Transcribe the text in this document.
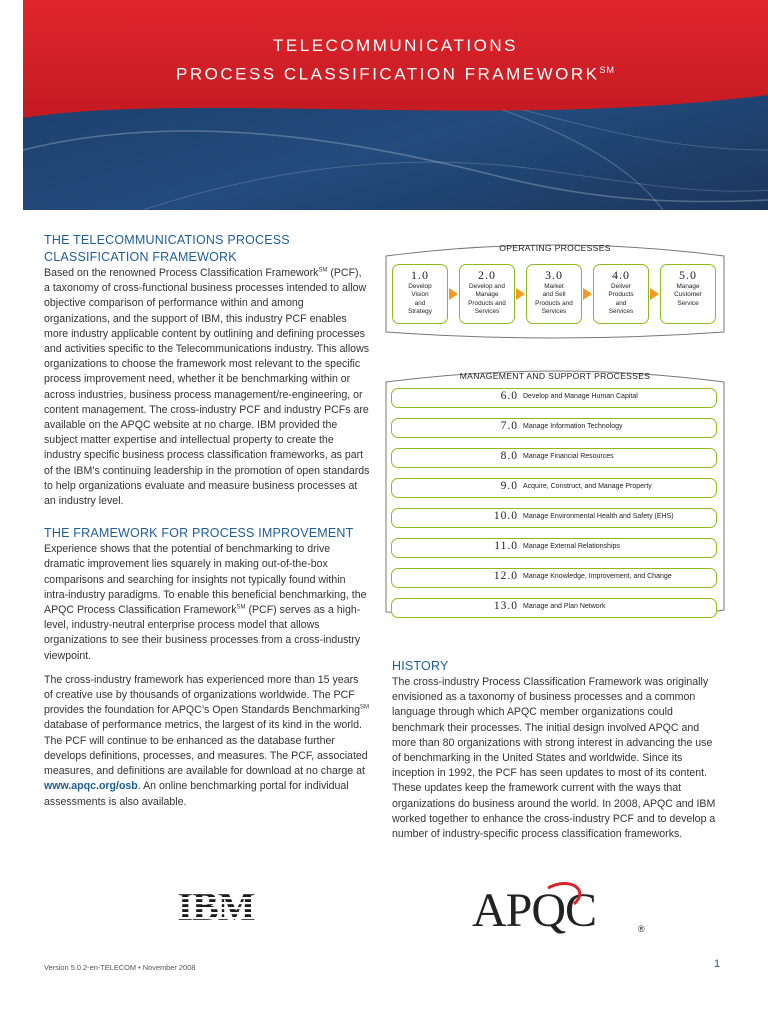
TELECOMMUNICATIONS
PROCESS CLASSIFICATION FRAMEWORK℠
THE TELECOMMUNICATIONS PROCESS CLASSIFICATION FRAMEWORK

Based on the renowned Process Classification Framework℠ (PCF), a taxonomy of cross-functional business processes intended to allow objective comparison of performance within and among organizations, and the support of IBM, this industry PCF enables more industry applicable content by outlining and defining processes and activities specific to the Telecommunications industry. This allows organizations to choose the framework most relevant to the specific process improvement need, whether it be benchmarking within or across industries, business process management/re-engineering, or content management. The cross-industry PCF and industry PCFs are available on the APQC website at no charge. IBM provided the subject matter expertise and intellectual property to create the industry specific business process classification frameworks, as part of the IBM’s continuing leadership in the promotion of open standards to help organizations evaluate and measure business processes at an industry level.

THE FRAMEWORK FOR PROCESS IMPROVEMENT

Experience shows that the potential of benchmarking to drive dramatic improvement lies squarely in making out-of-the-box comparisons and searching for insights not typically found within intra-industry paradigms. To enable this beneficial benchmarking, the APQC Process Classification Framework℠ (PCF) serves as a high-level, industry-neutral enterprise process model that allows organizations to see their business processes from a cross-industry viewpoint.

The cross-industry framework has experienced more than 15 years of creative use by thousands of organizations worldwide. The PCF provides the foundation for APQC’s Open Standards Benchmarking℠ database of performance metrics, the largest of its kind in the world. The PCF will continue to be enhanced as the database further develops definitions, processes, and measures. The PCF, associated measures, and definitions are available for download at no charge at www.apqc.org/osb. An online benchmarking portal for individual assessments is also available.

OPERATING PROCESSES
1.0
Develop
Vision
and
Strategy
2.0
Develop and
Manage
Products and
Services
3.0
Market
and Sell
Products and
Services
4.0
Deliver
Products
and
Services
5.0
Manage
Customer
Service
MANAGEMENT AND SUPPORT PROCESSES
6.0 Develop and Manage Human Capital
7.0 Manage Information Technology
8.0 Manage Financial Resources
9.0 Acquire, Construct, and Manage Property
10.0 Manage Environmental Health and Safety (EHS)
11.0 Manage External Relationships
12.0 Manage Knowledge, Improvement, and Change
13.0 Manage and Plan Network
HISTORY

The cross-industry Process Classification Framework was originally envisioned as a taxonomy of business processes and a common language through which APQC member organizations could benchmark their processes. The initial design involved APQC and more than 80 organizations with strong interest in advancing the use of benchmarking in the United States and worldwide. Since its inception in 1992, the PCF has seen updates to most of its content. These updates keep the framework current with the ways that organizations do business around the world. In 2008, APQC and IBM worked together to enhance the cross-industry PCF and to develop a number of industry-specific process classification frameworks.

APQC	®
Version 5.0.2-en-TELECOM • November 2008	1
